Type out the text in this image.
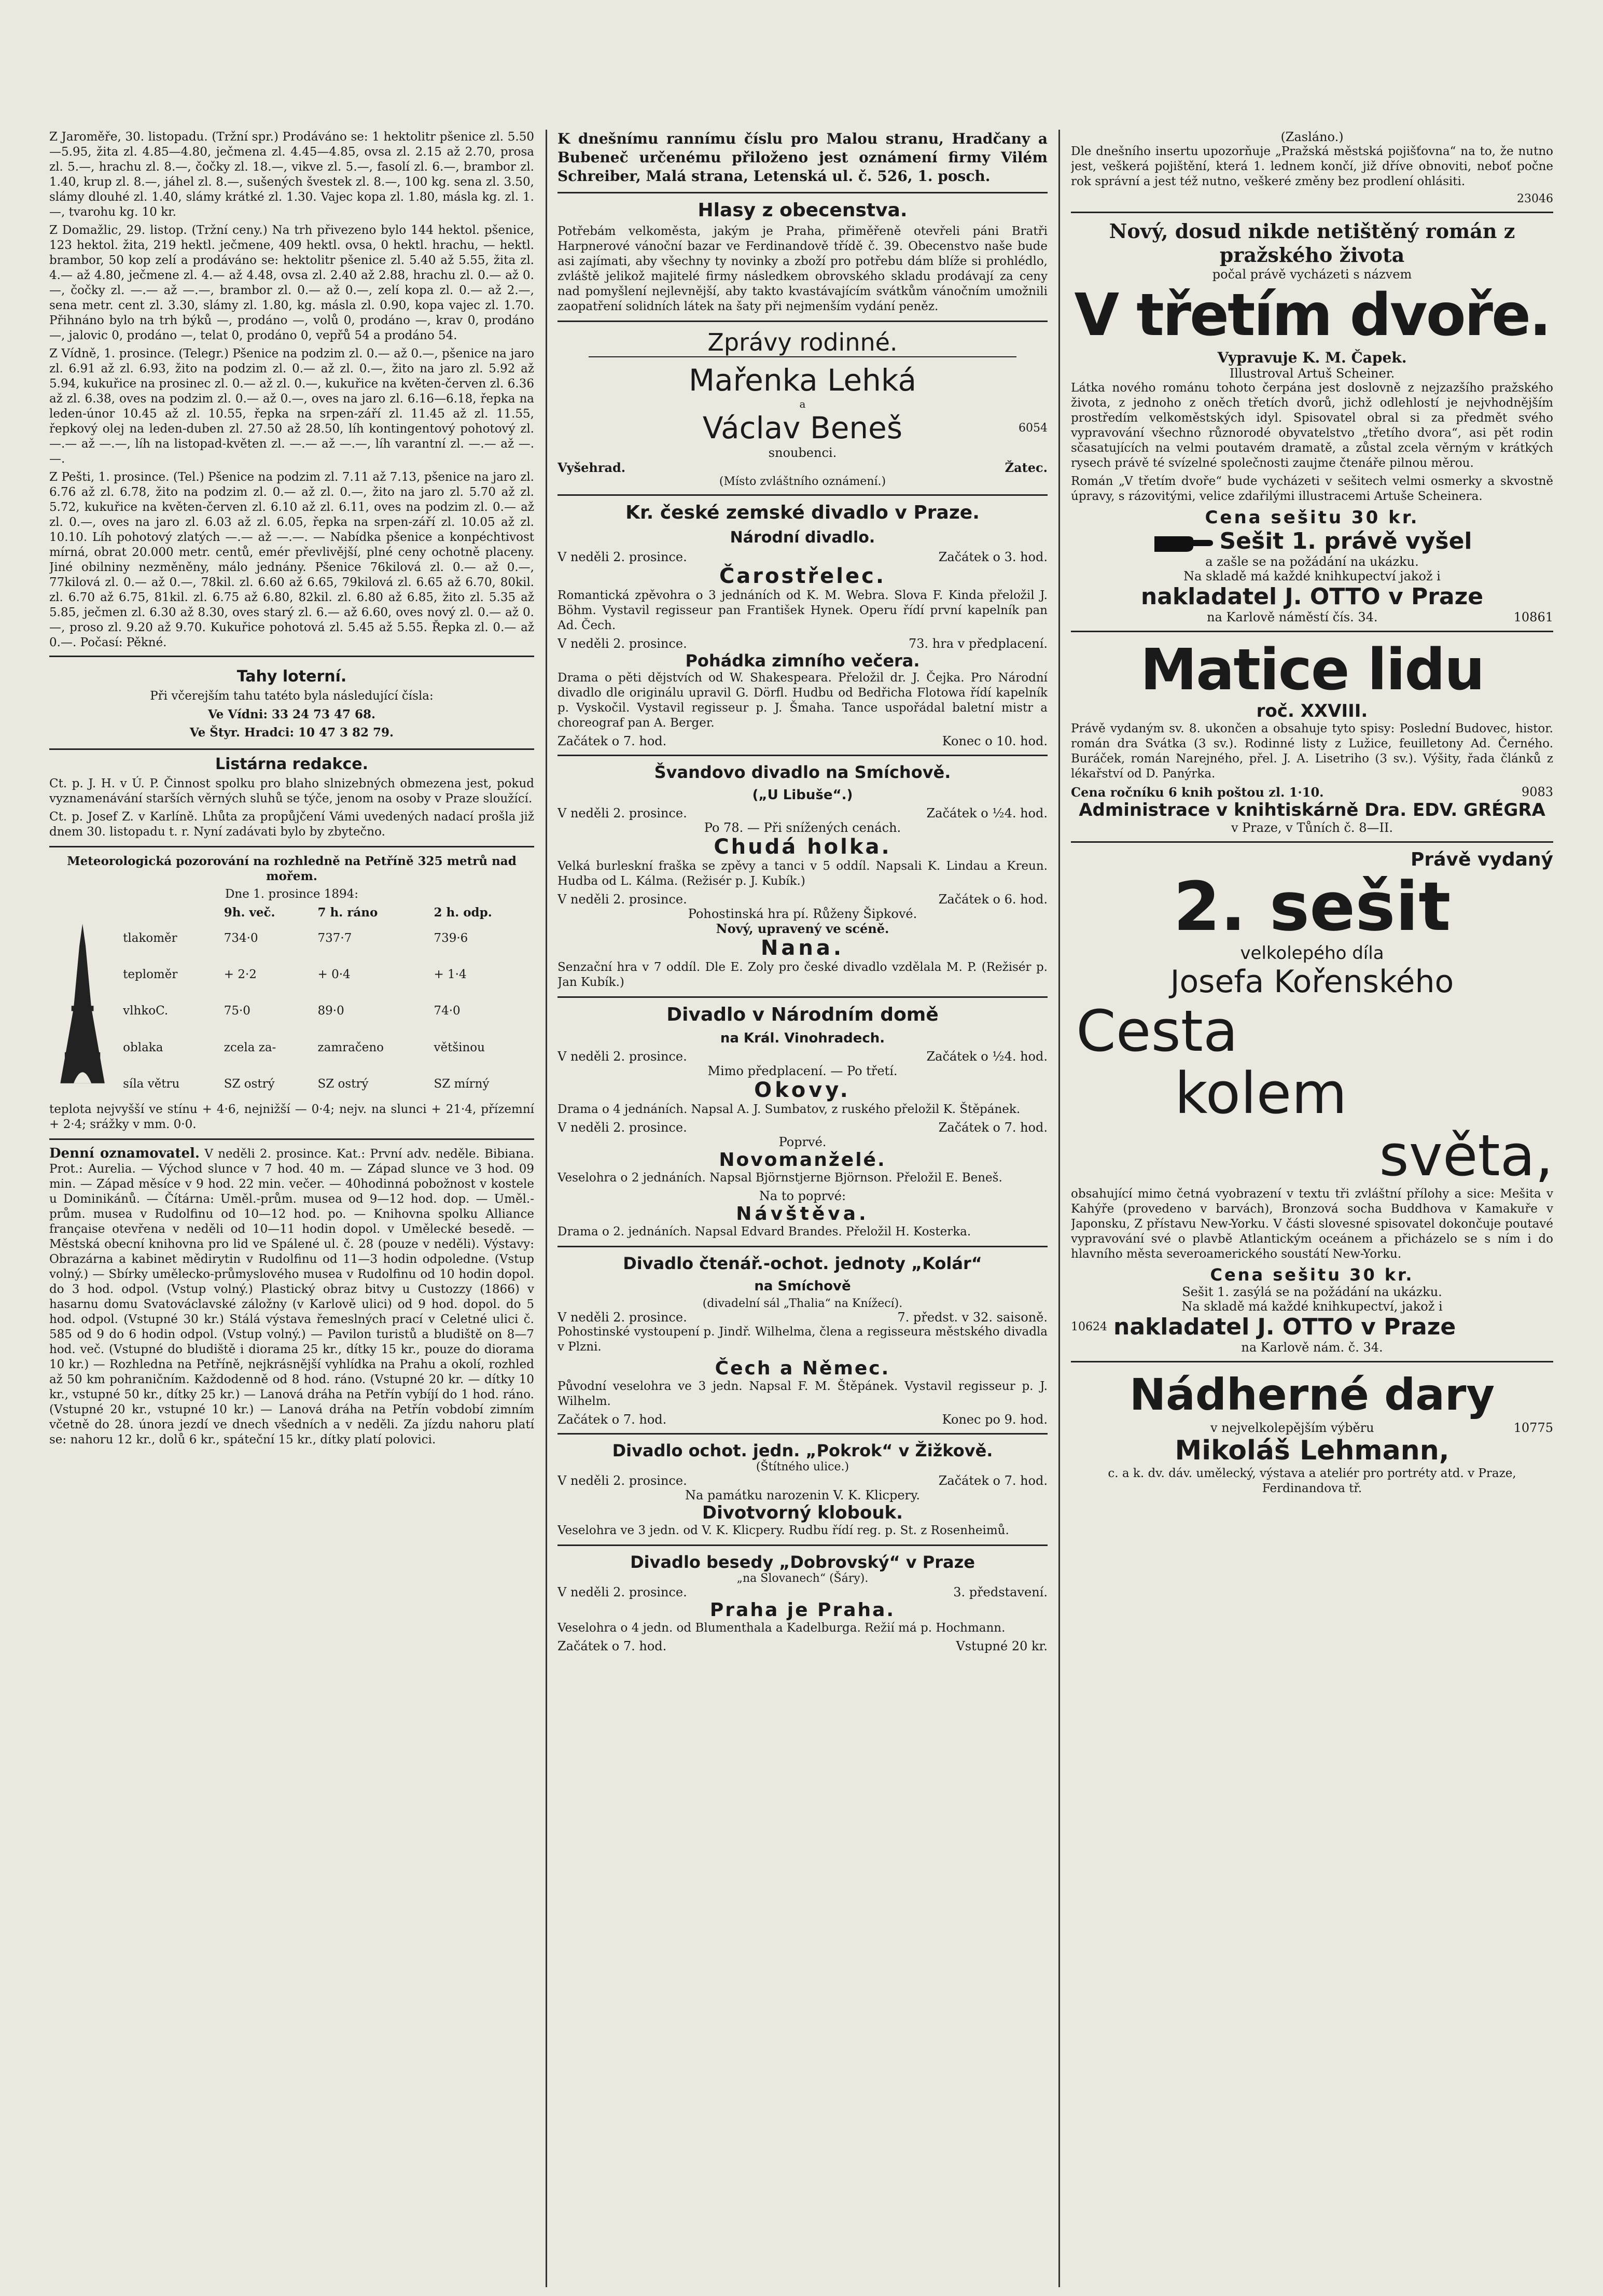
Z Jaroměře, 30. listopadu. (Tržní spr.) Prodáváno se: 1 hektolitr pšenice zl. 5.50—5.95, žita zl. 4.85—4.80, ječmena zl. 4.45—4.85, ovsa zl. 2.15 až 2.70, prosa zl. 5.—, hrachu zl. 8.—, čočky zl. 18.—, vikve zl. 5.—, fasolí zl. 6.—, brambor zl. 1.40, krup zl. 8.—, jáhel zl. 8.—, sušených švestek zl. 8.—, 100 kg. sena zl. 3.50, slámy dlouhé zl. 1.40, slámy krátké zl. 1.30. Vajec kopa zl. 1.80, másla kg. zl. 1.—, tvarohu kg. 10 kr.

Z Domažlic, 29. listop. (Tržní ceny.) Na trh přivezeno bylo 144 hektol. pšenice, 123 hektol. žita, 219 hektl. ječmene, 409 hektl. ovsa, 0 hektl. hrachu, — hektl. brambor, 50 kop zelí a prodáváno se: hektolitr pšenice zl. 5.40 až 5.55, žita zl. 4.— až 4.80, ječmene zl. 4.— až 4.48, ovsa zl. 2.40 až 2.88, hrachu zl. 0.— až 0.—, čočky zl. —.— až —.—, brambor zl. 0.— až 0.—, zelí kopa zl. 0.— až 2.—, sena metr. cent zl. 3.30, slámy zl. 1.80, kg. másla zl. 0.90, kopa vajec zl. 1.70. Přihnáno bylo na trh býků —, prodáno —, volů 0, prodáno —, krav 0, prodáno —, jalovic 0, prodáno —, telat 0, prodáno 0, vepřů 54 a prodáno 54.

Z Vídně, 1. prosince. (Telegr.) Pšenice na podzim zl. 0.— až 0.—, pšenice na jaro zl. 6.91 až zl. 6.93, žito na podzim zl. 0.— až zl. 0.—, žito na jaro zl. 5.92 až 5.94, kukuřice na prosinec zl. 0.— až zl. 0.—, kukuřice na květen-červen zl. 6.36 až zl. 6.38, oves na podzim zl. 0.— až 0.—, oves na jaro zl. 6.16—6.18, řepka na leden-únor 10.45 až zl. 10.55, řepka na srpen-září zl. 11.45 až zl. 11.55, řepkový olej na leden-duben zl. 27.50 až 28.50, líh kontingentový pohotový zl. —.— až —.—, líh na listopad-květen zl. —.— až —.—, líh varantní zl. —.— až —.—.

Z Pešti, 1. prosince. (Tel.) Pšenice na podzim zl. 7.11 až 7.13, pšenice na jaro zl. 6.76 až zl. 6.78, žito na podzim zl. 0.— až zl. 0.—, žito na jaro zl. 5.70 až zl. 5.72, kukuřice na květen-červen zl. 6.10 až zl. 6.11, oves na podzim zl. 0.— až zl. 0.—, oves na jaro zl. 6.03 až zl. 6.05, řepka na srpen-září zl. 10.05 až zl. 10.10. Líh pohotový zlatých —.— až —.—. — Nabídka pšenice a konpéchtivost mírná, obrat 20.000 metr. centů, emér převlivější, plné ceny ochotně placeny. Jiné obilniny nezměněny, málo jednány. Pšenice 76kilová zl. 0.— až 0.—, 77kilová zl. 0.— až 0.—, 78kil. zl. 6.60 až 6.65, 79kilová zl. 6.65 až 6.70, 80kil. zl. 6.70 až 6.75, 81kil. zl. 6.75 až 6.80, 82kil. zl. 6.80 až 6.85, žito zl. 5.35 až 5.85, ječmen zl. 6.30 až 8.30, oves starý zl. 6.— až 6.60, oves nový zl. 0.— až 0.—, proso zl. 9.20 až 9.70. Kukuřice pohotová zl. 5.45 až 5.55. Řepka zl. 0.— až 0.—. Počasí: Pěkné.

Tahy loterní.

Při včerejším tahu tatéto byla následující čísla:

Ve Vídni: 33 24 73 47 68.

Ve Štyr. Hradci: 10 47 3 82 79.

Listárna redakce.

Ct. p. J. H. v Ú. P. Činnost spolku pro blaho slnizebných obmezena jest, pokud vyznamenávání starších věrných sluhů se týče, jenom na osoby v Praze sloužící.

Ct. p. Josef Z. v Karlíně. Lhůta za propůjčení Vámi uvedených nadací prošla již dnem 30. listopadu t. r. Nyní zadávati bylo by zbytečno.

Meteorologická pozorování na rozhledně na Petříně 325 metrů nad mořem.

Dne 1. prosince 1894:

	9h. več.	7 h. ráno	2 h. odp.
tlakoměr	734·0	737·7	739·6
teploměr	+ 2·2	+ 0·4	+ 1·4
vlhkoC.	75·0	89·0	74·0
oblaka	zcela za-	zamračeno	většinou
síla větru	SZ ostrý	SZ ostrý	SZ mírný

teplota nejvyšší ve stínu + 4·6, nejnižší — 0·4; nejv. na slunci + 21·4, přízemní + 2·4; srážky v mm. 0·0.

Denní oznamovatel. V neděli 2. prosince. Kat.: První adv. neděle. Bibiana. Prot.: Aurelia. — Východ slunce v 7 hod. 40 m. — Západ slunce ve 3 hod. 09 min. — Západ měsíce v 9 hod. 22 min. večer. — 40hodinná pobožnost v kostele u Dominikánů. — Čítárna: Uměl.-prům. musea od 9—12 hod. dop. — Uměl.-prům. musea v Rudolfinu od 10—12 hod. po. — Knihovna spolku Alliance française otevřena v neděli od 10—11 hodin dopol. v Umělecké besedě. — Městská obecní knihovna pro lid ve Spálené ul. č. 28 (pouze v neděli). Výstavy: Obrazárna a kabinet mědirytin v Rudolfinu od 11—3 hodin odpoledne. (Vstup volný.) — Sbírky umělecko-průmyslového musea v Rudolfinu od 10 hodin dopol. do 3 hod. odpol. (Vstup volný.) Plastický obraz bitvy u Custozzy (1866) v hasarnu domu Svatováclavské záložny (v Karlově ulici) od 9 hod. dopol. do 5 hod. odpol. (Vstupné 30 kr.) Stálá výstava řemeslných prací v Celetné ulici č. 585 od 9 do 6 hodin odpol. (Vstup volný.) — Pavilon turistů a bludiště on 8—7 hod. več. (Vstupné do bludiště i diorama 25 kr., dítky 15 kr., pouze do diorama 10 kr.) — Rozhledna na Petříně, nejkrásnější vyhlídka na Prahu a okolí, rozhled až 50 km pohraničním. Každodenně od 8 hod. ráno. (Vstupné 20 kr. — dítky 10 kr., vstupné 50 kr., dítky 25 kr.) — Lanová dráha na Petřín vybíjí do 1 hod. ráno. (Vstupné 20 kr., vstupné 10 kr.) — Lanová dráha na Petřín vobdobí zimním včetně do 28. února jezdí ve dnech všedních a v neděli. Za jízdu nahoru platí se: nahoru 12 kr., dolů 6 kr., spáteční 15 kr., dítky platí polovici.

K dnešnímu rannímu číslu pro Malou stranu, Hradčany a Bubeneč určenému přiloženo jest oznámení firmy Vilém Schreiber, Malá strana, Letenská ul. č. 526, 1. posch.

Hlasy z obecenstva.

Potřebám velkoměsta, jakým je Praha, přiměřeně otevřeli páni Bratři Harpnerové vánoční bazar ve Ferdinandově třídě č. 39. Obecenstvo naše bude asi zajímati, aby všechny ty novinky a zboží pro potřebu dám blíže si prohlédlo, zvláště jelikož majitelé firmy následkem obrovského skladu prodávají za ceny nad pomyšlení nejlevnější, aby takto kvastávajícím svátkům vánočním umožnili zaopatření solidních látek na šaty při nejmenším vydání peněz.

Zprávy rodinné.
Mařenka Lehká
a
Václav Beneš	6054
snoubenci.
Vyšehrad.	Žatec.
(Místo zvláštního oznámení.)
Kr. české zemské divadlo v Praze.
Národní divadlo.
V neděli 2. prosince.	Začátek o 3. hod.
Čarostřelec.

Romantická zpěvohra o 3 jednáních od K. M. Webra. Slova F. Kinda přeložil J. Böhm. Vystavil regisseur pan František Hynek. Operu řídí první kapelník pan Ad. Čech.

V neděli 2. prosince.	73. hra v předplacení.
Pohádka zimního večera.

Drama o pěti dějstvích od W. Shakespeara. Přeložil dr. J. Čejka. Pro Národní divadlo dle originálu upravil G. Dörfl. Hudbu od Bedřicha Flotowa řídí kapelník p. Vyskočil. Vystavil regisseur p. J. Šmaha. Tance uspořádal baletní mistr a choreograf pan A. Berger.

Začátek o 7. hod.	Konec o 10. hod.
Švandovo divadlo na Smíchově.
(„U Libuše“.)
V neděli 2. prosince.	Začátek o ½4. hod.
Po 78. — Při snížených cenách.
Chudá holka.

Velká burleskní fraška se zpěvy a tanci v 5 oddíl. Napsali K. Lindau a Kreun. Hudba od L. Kálma. (Režisér p. J. Kubík.)

V neděli 2. prosince.	Začátek o 6. hod.
Pohostinská hra pí. Růženy Šipkové.
Nový, upravený ve scéně.
Nana.

Senzační hra v 7 oddíl. Dle E. Zoly pro české divadlo vzdělala M. P. (Režisér p. Jan Kubík.)

Divadlo v Národním domě
na Král. Vinohradech.
V neděli 2. prosince.	Začátek o ½4. hod.
Mimo předplacení. — Po třetí.
Okovy.

Drama o 4 jednáních. Napsal A. J. Sumbatov, z ruského přeložil K. Štěpánek.

V neděli 2. prosince.	Začátek o 7. hod.
Poprvé.
Novomanželé.

Veselohra o 2 jednáních. Napsal Björnstjerne Björnson. Přeložil E. Beneš.

Na to poprvé:
Návštěva.

Drama o 2. jednáních. Napsal Edvard Brandes. Přeložil H. Kosterka.

Divadlo čtenář.-ochot. jednoty „Kolár“
na Smíchově
(divadelní sál „Thalia“ na Knížecí).
V neděli 2. prosince.	7. předst. v 32. saisoně.

Pohostinské vystoupení p. Jindř. Wilhelma, člena a regisseura městského divadla v Plzni.

Čech a Němec.

Původní veselohra ve 3 jedn. Napsal F. M. Štěpánek. Vystavil regisseur p. J. Wilhelm.

Začátek o 7. hod.	Konec po 9. hod.
Divadlo ochot. jedn. „Pokrok“ v Žižkově.
(Štítného ulice.)
V neděli 2. prosince.	Začátek o 7. hod.
Na památku narozenin V. K. Klicpery.
Divotvorný klobouk.

Veselohra ve 3 jedn. od V. K. Klicpery. Rudbu řídí reg. p. St. z Rosenheimů.

Divadlo besedy „Dobrovský“ v Praze
„na Slovanech“ (Šáry).
V neděli 2. prosince.	3. představení.
Praha je Praha.

Veselohra o 4 jedn. od Blumenthala a Kadelburga. Režií má p. Hochmann.

Začátek o 7. hod.	Vstupné 20 kr.
(Zasláno.)

Dle dnešního insertu upozorňuje „Pražská městská pojišťovna“ na to, že nutno jest, veškerá pojištění, která 1. lednem končí, již dříve obnoviti, neboť počne rok správní a jest též nutno, veškeré změny bez prodlení ohlásiti.

23046
Nový, dosud nikde netištěný román z pražského života
počal právě vycházeti s názvem
V třetím dvoře.
Vypravuje K. M. Čapek.
Illustroval Artuš Scheiner.

Látka nového románu tohoto čerpána jest doslovně z nejzazšího pražského života, z jednoho z oněch třetích dvorů, jichž odlehlostí je nejvhodnějším prostředím velkoměstských idyl. Spisovatel obral si za předmět svého vypravování všechno různorodé obyvatelstvo „třetího dvora“, asi pět rodin sčasatujících na velmi poutavém dramatě, a zůstal zcela věrným v krátkých rysech právě té svízelné společnosti zaujme čtenáře pilnou měrou.

Román „V třetím dvoře“ bude vycházeti v sešitech velmi osmerky a skvostně úpravy, s rázovitými, velice zdařilými illustracemi Artuše Scheinera.

Cena sešitu 30 kr.
Sešit 1. právě vyšel
a zašle se na požádání na ukázku.
Na skladě má každé knihkupectví jakož i
nakladatel J. OTTO v Praze
na Karlově náměstí čís. 34.	10861
Matice lidu
roč. XXVIII.

Právě vydaným sv. 8. ukončen a obsahuje tyto spisy: Poslední Budovec, histor. román dra Svátka (3 sv.). Rodinné listy z Lužice, feuilletony Ad. Černého. Buráček, román Narejného, přel. J. A. Lisetriho (3 sv.). Výšity, řada článků z lékařství od D. Panýrka.

Cena ročníku 6 knih poštou zl. 1·10.	9083
Administrace v knihtiskárně Dra. EDV. GRÉGRA
v Praze, v Tůních č. 8—II.
Právě vydaný
2. sešit
velkolepého díla
Josefa Kořenského
Cesta
kolem
světa,

obsahující mimo četná vyobrazení v textu tři zvláštní přílohy a sice: Mešita v Kahýře (provedeno v barvách), Bronzová socha Buddhova v Kamakuře v Japonsku, Z přístavu New-Yorku. V části slovesné spisovatel dokončuje poutavé vypravování své o plavbě Atlantickým oceánem a přicházelo se s ním i do hlavního města severoamerického soustátí New-Yorku.

Cena sešitu 30 kr.
Sešit 1. zasýlá se na požádání na ukázku.
Na skladě má každé knihkupectví, jakož i
10624 nakladatel J. OTTO v Praze
na Karlově nám. č. 34.
Nádherné dary
v nejvelkolepějším výběru	10775
Mikoláš Lehmann,

c. a k. dv. dáv. umělecký, výstava a ateliér pro portréty atd. v Praze, Ferdinandova tř.
